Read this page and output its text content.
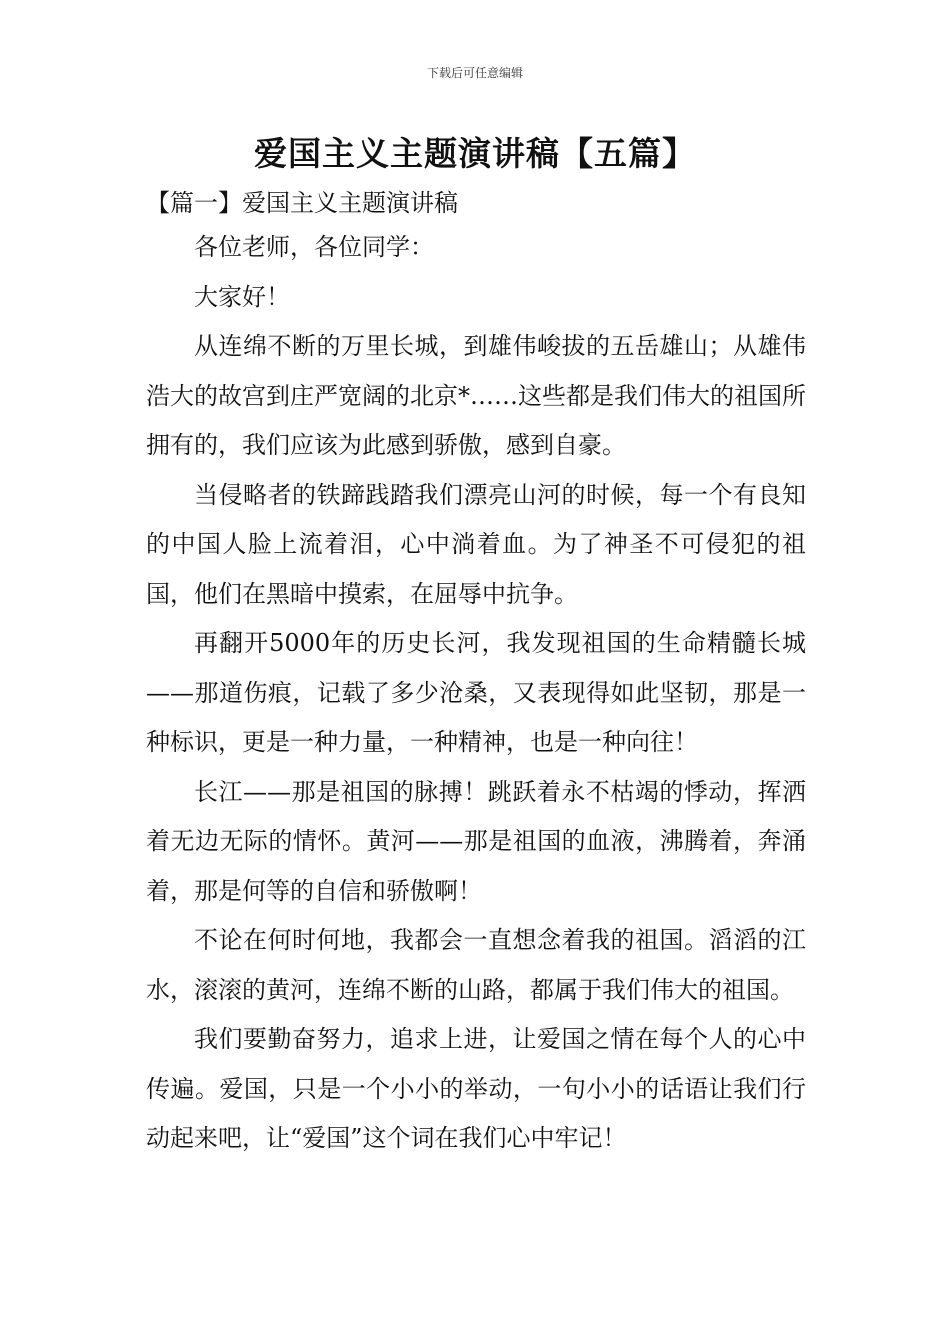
下载后可任意编辑
爱国主义主题演讲稿【五篇】
【篇一】爱国主义主题演讲稿

各位老师，各位同学：

大家好！

从连绵不断的万里长城，到雄伟峻拔的五岳雄山；从雄伟浩大的故宫到庄严宽阔的北京*……这些都是我们伟大的祖国所拥有的，我们应该为此感到骄傲，感到自豪。

当侵略者的铁蹄践踏我们漂亮山河的时候，每一个有良知的中国人脸上流着泪，心中淌着血。为了神圣不可侵犯的祖国，他们在黑暗中摸索，在屈辱中抗争。

再翻开5000年的历史长河，我发现祖国的生命精髓长城——那道伤痕，记载了多少沧桑，又表现得如此坚韧，那是一种标识，更是一种力量，一种精神，也是一种向往！

长江——那是祖国的脉搏！跳跃着永不枯竭的悸动，挥洒着无边无际的情怀。黄河——那是祖国的血液，沸腾着，奔涌着，那是何等的自信和骄傲啊！

不论在何时何地，我都会一直想念着我的祖国。滔滔的江水，滚滚的黄河，连绵不断的山路，都属于我们伟大的祖国。

我们要勤奋努力，追求上进，让爱国之情在每个人的心中传遍。爱国，只是一个小小的举动，一句小小的话语让我们行动起来吧，让“爱国”这个词在我们心中牢记！
